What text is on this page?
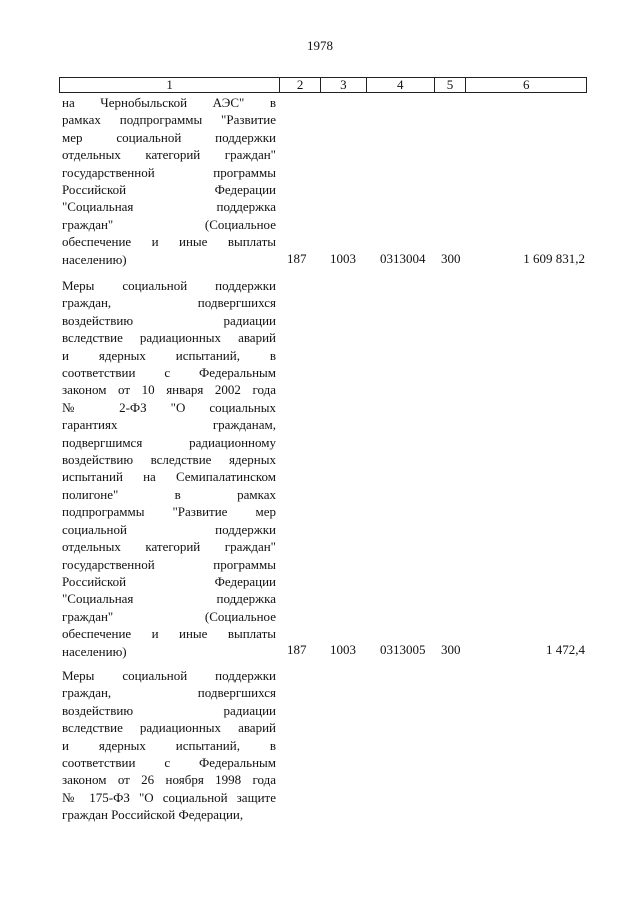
1978
1	2	3	4	5	6
на Чернобыльской АЭС" в
рамках подпрограммы "Развитие
мер социальной поддержки
отдельных категорий граждан"
государственной программы
Российской Федерации
"Социальная поддержка
граждан" (Социальное
обеспечение и иные выплаты
населению)	187 1003 0313004 300	1 609 831,2
Меры социальной поддержки
граждан, подвергшихся
воздействию радиации
вследствие радиационных аварий
и ядерных испытаний, в
соответствии с Федеральным
законом от 10 января 2002 года
№ 2-ФЗ "О социальных
гарантиях гражданам,
подвергшимся радиационному
воздействию вследствие ядерных
испытаний на Семипалатинском
полигоне" в рамках
подпрограммы "Развитие мер
социальной поддержки
отдельных категорий граждан"
государственной программы
Российской Федерации
"Социальная поддержка
граждан" (Социальное
обеспечение и иные выплаты
населению)	187 1003 0313005 300	1 472,4
Меры социальной поддержки
граждан, подвергшихся
воздействию радиации
вследствие радиационных аварий
и ядерных испытаний, в
соответствии с Федеральным
законом от 26 ноября 1998 года
№ 175-ФЗ "О социальной защите
граждан Российской Федерации,
